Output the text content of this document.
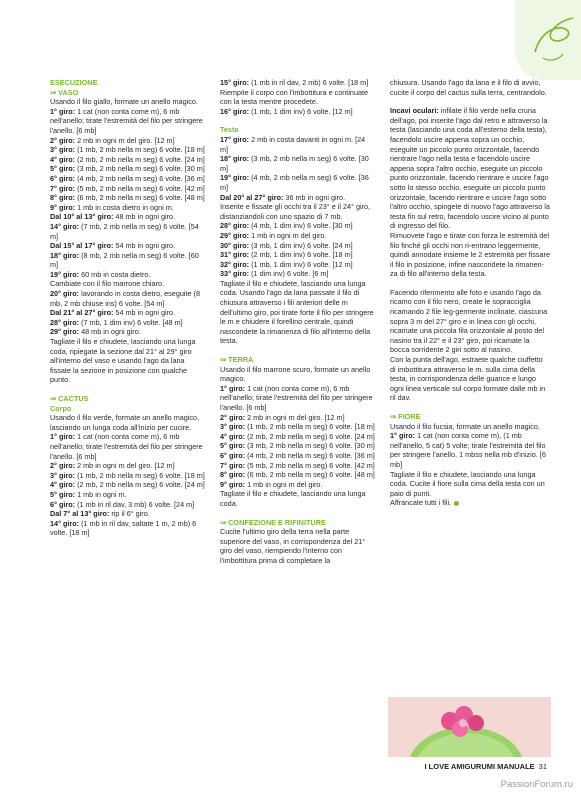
ESECUZIONE

⇒ VASO

Usando il filo giallo, formate un anello magico.

1° giro: 1 cat (non conta come m), 6 mb nell'anello; tirate l'estremità del filo per stringere l'anello. [6 mb]

2° giro: 2 mb in ogni m del giro. [12 m]

3° giro: (1 mb, 2 mb nella m seg) 6 volte. [18 m]

4° giro: (2 mb, 2 mb nella m seg) 6 volte. [24 m]

5° giro: (3 mb, 2 mb nella m seg) 6 volte. [30 m]

6° giro: (4 mb, 2 mb nella m seg) 6 volte. [36 m]

7° giro: (5 mb, 2 mb nella m seg) 6 volte. [42 m]

8° giro: (6 mb, 2 mb nella m seg) 6 volte. [48 m]

9° giro: 1 mb in costa dietro in ogni m.

Dal 10° al 13° giro: 48 mb in ogni giro.

14° giro: (7 mb, 2 mb nella m seg) 6 volte. [54 m]

Dal 15° al 17° giro: 54 mb in ogni giro.

18° giro: (8 mb, 2 mb nella m seg) 6 volte. [60 m]

19° giro: 60 mb in costa dietro.

Cambiate con il filo marrone chiaro.

20° giro: lavorando in costa dietro, eseguite (8 mb, 2 mb chiuse ins) 6 volte. [54 m]

Dal 21° al 27° giro: 54 mb in ogni giro.

28° giro: (7 mb, 1 dim inv) 6 volte. [48 m]

29° giro: 48 mb in ogni giro.

Tagliate il filo e chiudete, lasciando una lunga coda, ripiegate la sezione dal 21° al 29° giro all'interno del vaso e usando l'ago da lana fissate la sezione in posizione con qualche punto.

⇒ CACTUS

Corpo

Usando il filo verde, formate un anello magico, lasciando un lunga coda all'inizio per cucire.

1° giro: 1 cat (non conta come m), 6 mb nell'anello; tirate l'estremità del filo per stringere l'anello. [6 mb]

2° giro: 2 mb in ogni m del giro. [12 m]

3° giro: (1 mb, 2 mb nella m seg) 6 volte. [18 m]

4° giro: (2 mb, 2 mb nella m seg) 6 volte. [24 m]

5° giro: 1 mb in ogni m.

6° giro: (1 mb in ril dav, 3 mb) 6 volte. [24 m]

Dal 7° al 13° giro: rip il 6° giro.

14° giro: (1 mb in ril dav, saltate 1 m, 2 mb) 6 volte. [18 m]

15° giro: (1 mb in ril dav, 2 mb) 6 volte. [18 m]

Riempite il corpo con l'imbottitura e continuate con la testa mentre procedete.

16° giro: (1 mb, 1 dim inv) 6 volte. [12 m]

Testa

17° giro: 2 mb in costa davanti in ogni m. [24 m]

18° giro: (3 mb, 2 mb nella m seg) 6 volte. [30 m]

19° giro: (4 mb, 2 mb nella m seg) 6 volte. [36 m]

Dal 20° al 27° giro: 36 mb in ogni giro.

Inserite e fissate gli occhi tra il 23° e il 24° giro, distanziandoli con uno spazio di 7 mb.

28° giro: (4 mb, 1 dim inv) 6 volte. [30 m]

29° giro: 1 mb in ogni m del giro.

30° giro: (3 mb, 1 dim inv) 6 volte. [24 m]

31° giro: (2 mb, 1 dim inv) 6 volte. [18 m]

32° giro: (1 mb, 1 dim inv) 6 volte. [12 m]

33° giro: (1 dim inv) 6 volte. [6 m]

Tagliate il filo e chiudete, lasciando una lunga coda. Usando l'ago da lana passate il filo di chiusura attraverso i fili anteriori delle m dell'ultimo giro, poi tirate forte il filo per stringere le m e chiudere il forellino centrale, quindi nascondete la rimanenza di filo all'interno della testa.

⇒ TERRA

Usando il filo marrone scuro, formate un anello magico.

1° giro: 1 cat (non conta come m), 6 mb nell'anello; tirate l'estremità del filo per stringere l'anello. [6 mb]

2° giro: 2 mb in ogni m del giro. [12 m]

3° giro: (1 mb, 2 mb nella m seg) 6 volte. [18 m]

4° giro: (2 mb, 2 mb nella m seg) 6 volte. [24 m]

5° giro: (3 mb, 2 mb nella m seg) 6 volte. [30 m]

6° giro: (4 mb, 2 mb nella m seg) 6 volte. [36 m]

7° giro: (5 mb, 2 mb nella m seg) 6 volte. [42 m]

8° giro: (6 mb, 2 mb nella m seg) 6 volte. [48 m]

9° giro: 1 mb in ogni m del giro.

Tagliate il filo e chiudete, lasciando una lunga coda.

⇒ CONFEZIONE E RIFINITURE

Cucite l'ultimo giro della terra nella parte superiore del vaso, in corrispondenza del 21° giro del vaso, riempiendo l'interno con l'imbottitura prima di completare la

chiusura. Usando l'ago da lana e il filo di avvio, cucite il corpo del cactus sulla terra, centrandolo.

Incavi oculari: infilate il filo verde nella cruna dell'ago, poi inserite l'ago dal retro e attraverso la testa (lasciando una coda all'esterno della testa), facendolo uscire appena sopra un occhio, eseguite un piccolo punto orizzontale, facendo rientrare l'ago nella testa e facendolo uscire appena sopra l'altro occhio, eseguite un piccolo punto orizzontale, facendo rientrare e uscire l'ago sotto lo stesso occhio, eseguite un piccolo punto orizzontale, facendo rientrare e uscire l'ago sotto l'altro occhio, spingete di nuovo l'ago attraverso la testa fin sul retro, facendolo uscire vicino al punto di ingresso del filo.

Rimuovete l'ago e tirate con forza le estremità del filo finché gli occhi non ri-entrano leggermente, quindi annodate insieme le 2 estremità per fissare il filo in posizione, infine nascondete la rimanen-za di filo all'interno della testa.

Facendo riferimento alle foto e usando l'ago da ricamo con il filo nero, create le sopracciglia ricamando 2 file leg-germente inclinate, ciascuna sopra 3 m del 27° giro e in linea con gli occhi, ricamate una piccola fila orizzontale al posto del nasino tra il 22° e il 23° giro, poi ricamate la bocca sorridente 2 giri sotto al nasino.

Con la punta dell'ago, estraete qualche ciuffetto di imbottitura attraverso le m. sulla cima della testa, in corrispondenza delle guance e lungo ogni linea verticale sul corpo formate dalle mb in ril dav.

⇒ FIORE

Usando il filo fucsia, formate un anello magico.

1° giro: 1 cat (non conta come m), (1 mb nell'anello, 5 cat) 5 volte; tirate l'estremità del filo per stringere l'anello, 1 mbss nella mb d'inizio. [6 mb]

Tagliate il filo e chiudete, lasciando una lunga coda. Cucite il fiore sulla cima della testa con un paio di punti.

Affrancate tutti i fili.

I LOVE AMIGURUMI MANUALE 31
PassionForum.ru
